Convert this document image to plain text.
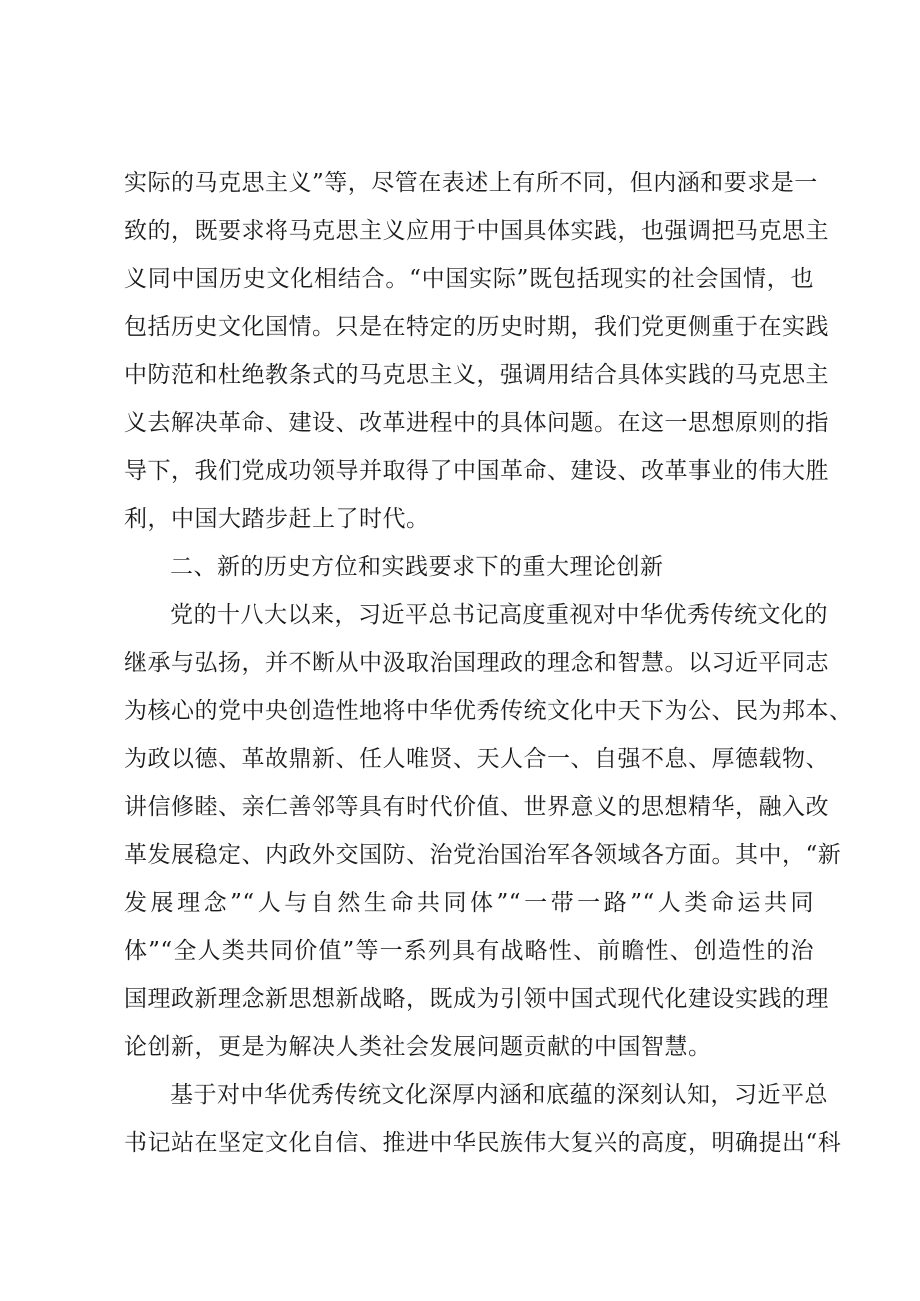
实际的马克思主义”等，尽管在表述上有所不同，但内涵和要求是一
致的，既要求将马克思主义应用于中国具体实践，也强调把马克思主
义同中国历史文化相结合。“中国实际”既包括现实的社会国情，也
包括历史文化国情。只是在特定的历史时期，我们党更侧重于在实践
中防范和杜绝教条式的马克思主义，强调用结合具体实践的马克思主
义去解决革命、建设、改革进程中的具体问题。在这一思想原则的指
导下，我们党成功领导并取得了中国革命、建设、改革事业的伟大胜
利，中国大踏步赶上了时代。
二、新的历史方位和实践要求下的重大理论创新
党的十八大以来，习近平总书记高度重视对中华优秀传统文化的
继承与弘扬，并不断从中汲取治国理政的理念和智慧。以习近平同志
为核心的党中央创造性地将中华优秀传统文化中天下为公、民为邦本、
为政以德、革故鼎新、任人唯贤、天人合一、自强不息、厚德载物、
讲信修睦、亲仁善邻等具有时代价值、世界意义的思想精华，融入改
革发展稳定、内政外交国防、治党治国治军各领域各方面。其中，“新
发展理念”“人与自然生命共同体”“一带一路”“人类命运共同
体”“全人类共同价值”等一系列具有战略性、前瞻性、创造性的治
国理政新理念新思想新战略，既成为引领中国式现代化建设实践的理
论创新，更是为解决人类社会发展问题贡献的中国智慧。
基于对中华优秀传统文化深厚内涵和底蕴的深刻认知，习近平总
书记站在坚定文化自信、推进中华民族伟大复兴的高度，明确提出“科
